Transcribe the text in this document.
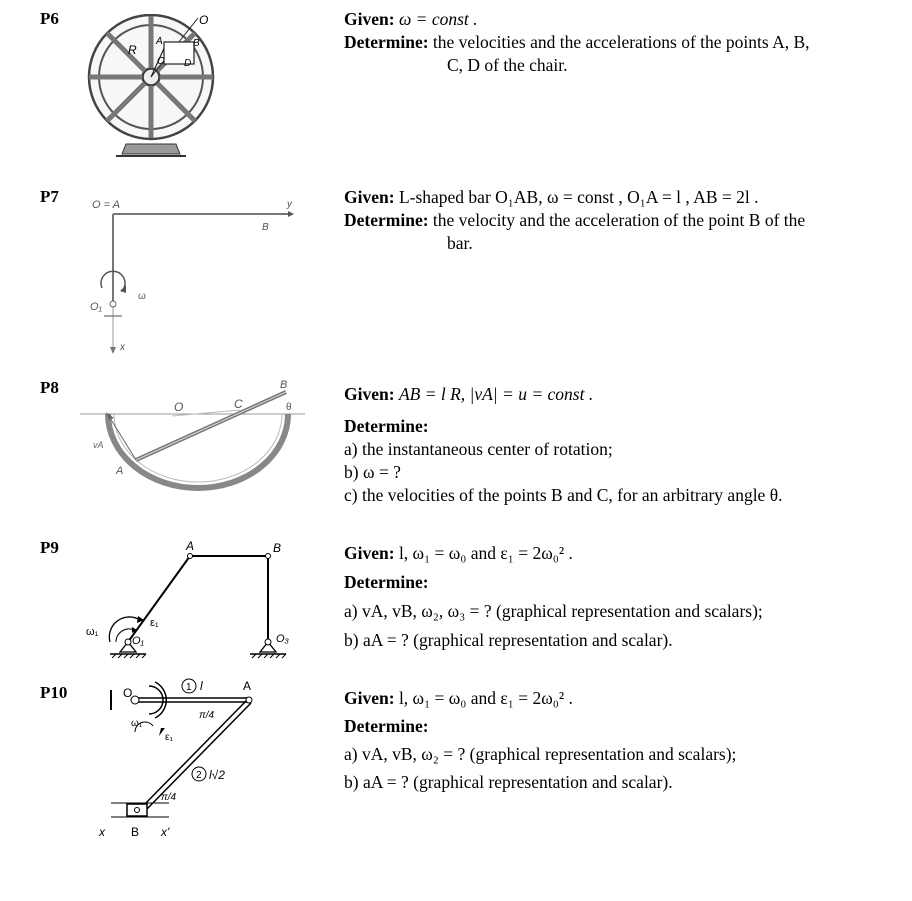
P6	O
R
A	B
C D
Given: ω = const .
Determine: the velocities and the accelerations of the points A, B,
C, D of the chair.
P7	O = A	y
B
ω
O₁
x
Given: L-shaped bar O₁AB, ω = const , O₁A = l , AB = 2l .
Determine: the velocity and the acceleration of the point B of the
bar.
P8	B
O	C	θ
vA
A
Given: AB = l R, |vA| = u = const .
Determine:
a) the instantaneous center of rotation;
b) ω = ?
c) the velocities of the points B and C, for an arbitrary angle θ.
P9	A	B
ω₁
ε₁
O₁	O₃
Given: l, ω₁ = ω₀ and ε₁ = 2ω₀² .
Determine:
a) vA, vB, ω₂, ω₃ = ? (graphical representation and scalars);
b) aA = ? (graphical representation and scalar).
P10	O	1 l	A
π/4
ω₁
ε₁
2 l√2
π/4
x B x'
Given: l, ω₁ = ω₀ and ε₁ = 2ω₀² .
Determine:
a) vA, vB, ω₂ = ? (graphical representation and scalars);
b) aA = ? (graphical representation and scalar).
